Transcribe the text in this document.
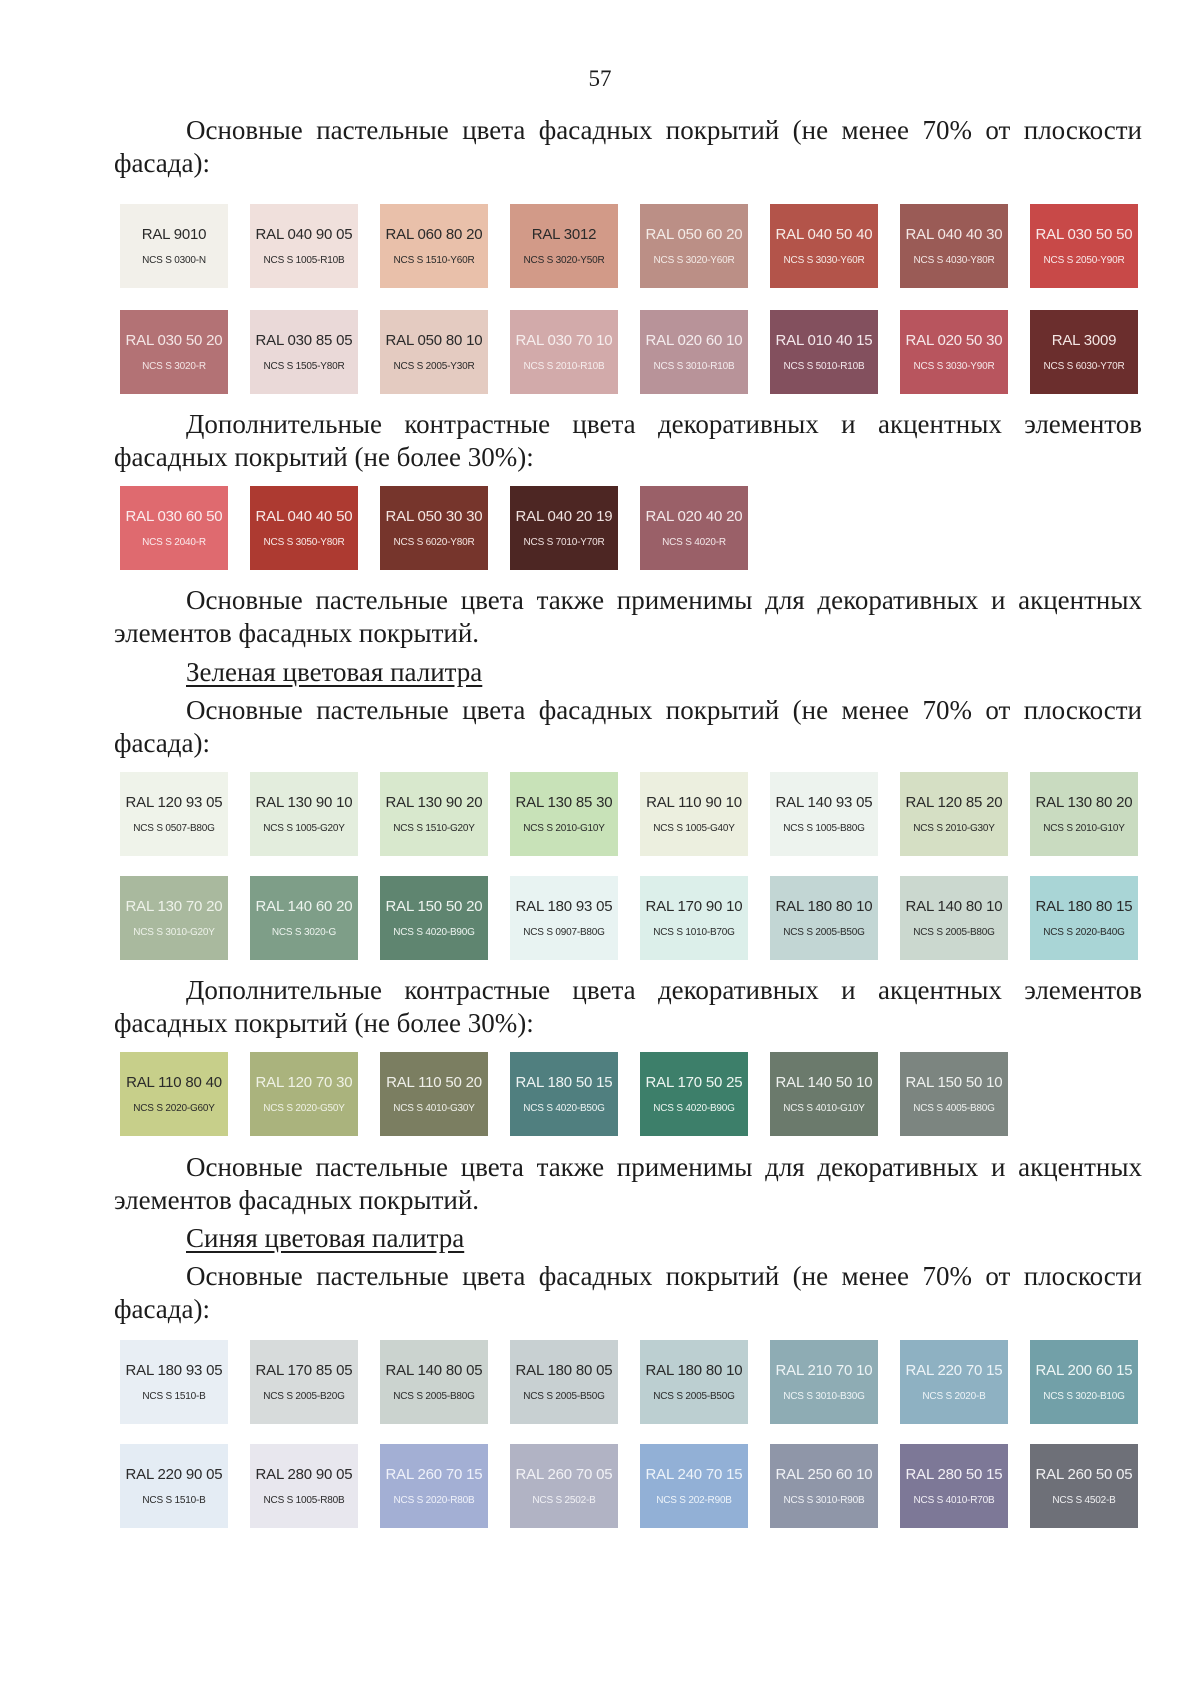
57

Основные пастельные цвета фасадных покрытий (не менее 70% от плоскости фасада):

RAL 9010
NCS S 0300-N
RAL 040 90 05
NCS S 1005-R10B
RAL 060 80 20
NCS S 1510-Y60R
RAL 3012
NCS S 3020-Y50R
RAL 050 60 20
NCS S 3020-Y60R
RAL 040 50 40
NCS S 3030-Y60R
RAL 040 40 30
NCS S 4030-Y80R
RAL 030 50 50
NCS S 2050-Y90R
RAL 030 50 20
NCS S 3020-R
RAL 030 85 05
NCS S 1505-Y80R
RAL 050 80 10
NCS S 2005-Y30R
RAL 030 70 10
NCS S 2010-R10B
RAL 020 60 10
NCS S 3010-R10B
RAL 010 40 15
NCS S 5010-R10B
RAL 020 50 30
NCS S 3030-Y90R
RAL 3009
NCS S 6030-Y70R

Дополнительные контрастные цвета декоративных и акцентных элементов фасадных покрытий (не более 30%):

RAL 030 60 50
NCS S 2040-R
RAL 040 40 50
NCS S 3050-Y80R
RAL 050 30 30
NCS S 6020-Y80R
RAL 040 20 19
NCS S 7010-Y70R
RAL 020 40 20
NCS S 4020-R

Основные пастельные цвета также применимы для декоративных и акцентных элементов фасадных покрытий.

Зеленая цветовая палитра

Основные пастельные цвета фасадных покрытий (не менее 70% от плоскости фасада):

RAL 120 93 05
NCS S 0507-B80G
RAL 130 90 10
NCS S 1005-G20Y
RAL 130 90 20
NCS S 1510-G20Y
RAL 130 85 30
NCS S 2010-G10Y
RAL 110 90 10
NCS S 1005-G40Y
RAL 140 93 05
NCS S 1005-B80G
RAL 120 85 20
NCS S 2010-G30Y
RAL 130 80 20
NCS S 2010-G10Y
RAL 130 70 20
NCS S 3010-G20Y
RAL 140 60 20
NCS S 3020-G
RAL 150 50 20
NCS S 4020-B90G
RAL 180 93 05
NCS S 0907-B80G
RAL 170 90 10
NCS S 1010-B70G
RAL 180 80 10
NCS S 2005-B50G
RAL 140 80 10
NCS S 2005-B80G
RAL 180 80 15
NCS S 2020-B40G

Дополнительные контрастные цвета декоративных и акцентных элементов фасадных покрытий (не более 30%):

RAL 110 80 40
NCS S 2020-G60Y
RAL 120 70 30
NCS S 2020-G50Y
RAL 110 50 20
NCS S 4010-G30Y
RAL 180 50 15
NCS S 4020-B50G
RAL 170 50 25
NCS S 4020-B90G
RAL 140 50 10
NCS S 4010-G10Y
RAL 150 50 10
NCS S 4005-B80G

Основные пастельные цвета также применимы для декоративных и акцентных элементов фасадных покрытий.

Синяя цветовая палитра

Основные пастельные цвета фасадных покрытий (не менее 70% от плоскости фасада):

RAL 180 93 05
NCS S 1510-B
RAL 170 85 05
NCS S 2005-B20G
RAL 140 80 05
NCS S 2005-B80G
RAL 180 80 05
NCS S 2005-B50G
RAL 180 80 10
NCS S 2005-B50G
RAL 210 70 10
NCS S 3010-B30G
RAL 220 70 15
NCS S 2020-B
RAL 200 60 15
NCS S 3020-B10G
RAL 220 90 05
NCS S 1510-B
RAL 280 90 05
NCS S 1005-R80B
RAL 260 70 15
NCS S 2020-R80B
RAL 260 70 05
NCS S 2502-B
RAL 240 70 15
NCS S 202-R90B
RAL 250 60 10
NCS S 3010-R90B
RAL 280 50 15
NCS S 4010-R70B
RAL 260 50 05
NCS S 4502-B
